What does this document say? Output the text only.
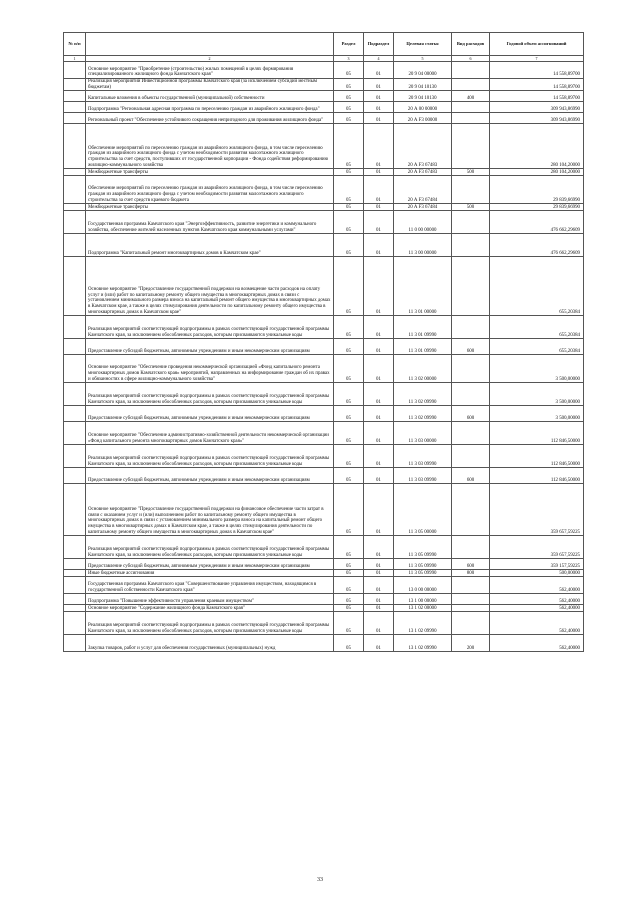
№ п/п		Раздел	Подраздел	Целевая статья	Вид расходов	Годовой объем ассигнований
1	2	3	4	5	6	7
	Основное мероприятие "Приобретение (строительство) жилых помещений в целях формирования специализированного жилищного фонда Камчатского края"	05	01	20 9 04 00000		14 558,89700
	Реализация мероприятий Инвестиционной программы Камчатского края (за исключением субсидий местным бюджетам)	05	01	20 9 04 10130		14 558,89700
	Капитальные вложения в объекты государственной (муниципальной) собственности	05	01	20 9 04 10130	400	14 558,89700
	Подпрограмма "Региональная адресная программа по переселению граждан из аварийного жилищного фонда"	05	01	20 А 00 00000		309 943,86990
	Региональный проект "Обеспечение устойчивого сокращения непригодного для проживания жилищного фонда"	05	01	20 А F3 00000		309 943,86990
	Обеспечение мероприятий по переселению граждан из аварийного жилищного фонда, в том числе переселению граждан из аварийного жилищного фонда с учетом необходимости развития малоэтажного жилищного строительства за счет средств, поступивших от государственной корпорации - Фонда содействия реформированию жилищно-коммунального хозяйства	05	01	20 А F3 67483		280 104,20000
	Межбюджетные трансферты	05	01	20 А F3 67483	500	280 104,20000
	Обеспечение мероприятий по переселению граждан из аварийного жилищного фонда, в том числе переселению граждан из аварийного жилищного фонда с учетом необходимости развития малоэтажного жилищного строительства за счет средств краевого бюджета	05	01	20 А F3 67484		29 839,66990
	Межбюджетные трансферты	05	01	20 А F3 67484	500	29 839,66990
	Государственная программа Камчатского края "Энергоэффективность, развитие энергетики и коммунального хозяйства, обеспечение жителей населенных пунктов Камчатского края коммунальными услугами"	05	01	11 0 00 00000		476 662,29609
	Подпрограмма "Капитальный ремонт многоквартирных домов в Камчатском крае"	05	01	11 3 00 00000		476 662,29609
	Основное мероприятие "Предоставление государственной поддержки на возмещение части расходов на оплату услуг и (или) работ по капитальному ремонту общего имущества в многоквартирных домах в связи с установлением минимального размера взноса на капитальный ремонт общего имущества в многоквартирных домах в Камчатском крае, а также в целях стимулирования деятельности по капитальному ремонту общего имущества в многоквартирных домах в Камчатском крае"	05	01	11 3 01 00000		655,20384
	Реализация мероприятий соответствующей подпрограммы в рамках соответствующей государственной программы Камчатского края, за исключением обособленных расходов, которым присваиваются уникальные коды	05	01	11 3 01 09990		655,20384
	Предоставление субсидий бюджетным, автономным учреждениям и иным некоммерческим организациям	05	01	11 3 01 09990	600	655,20384
	Основное мероприятие "Обеспечение проведения некоммерческой организацией «Фонд капитального ремонта многоквартирных домов Камчатского края» мероприятий, направленных на информирование граждан об их правах и обязанностях в сфере жилищно-коммунального хозяйства"	05	01	11 3 02 00000		3 500,00000
	Реализация мероприятий соответствующей подпрограммы в рамках соответствующей государственной программы Камчатского края, за исключением обособленных расходов, которым присваиваются уникальные коды	05	01	11 3 02 09990		3 500,00000
	Предоставление субсидий бюджетным, автономным учреждениям и иным некоммерческим организациям	05	01	11 3 02 09990	600	3 500,00000
	Основное мероприятие "Обеспечение административно-хозяйственной деятельности некоммерческой организации «Фонд капитального ремонта многоквартирных домов Камчатского края»"	05	01	11 3 03 00000		112 846,50000
	Реализация мероприятий соответствующей подпрограммы в рамках соответствующей государственной программы Камчатского края, за исключением обособленных расходов, которым присваиваются уникальные коды	05	01	11 3 03 09990		112 846,50000
	Предоставление субсидий бюджетным, автономным учреждениям и иным некоммерческим организациям	05	01	11 3 03 09990	600	112 846,50000
	Основное мероприятие "Предоставление государственной поддержки на финансовое обеспечение части затрат в связи с оказанием услуг и (или) выполнением работ по капитальному ремонту общего имущества в многоквартирных домах в связи с установлением минимального размера взноса на капитальный ремонт общего имущества в многоквартирных домах в Камчатском крае, а также в целях стимулирования деятельности по капитальному ремонту общего имущества в многоквартирных домах в Камчатском крае"	05	01	11 3 05 00000		359 657,59225
	Реализация мероприятий соответствующей подпрограммы в рамках соответствующей государственной программы Камчатского края, за исключением обособленных расходов, которым присваиваются уникальные коды	05	01	11 3 05 09990		359 657,59225
	Предоставление субсидий бюджетным, автономным учреждениям и иным некоммерческим организациям	05	01	11 3 05 09990	600	359 157,59225
	Иные бюджетные ассигнования	05	01	11 3 05 09990	800	500,00000
	Государственная программа Камчатского края "Совершенствование управления имуществом, находящимся в государственной собственности Камчатского края"	05	01	13 0 00 00000		562,40000
	Подпрограмма "Повышение эффективности управления краевым имуществом"	05	01	13 1 00 00000		562,40000
	Основное мероприятие "Содержание жилищного фонда Камчатского края"	05	01	13 1 02 00000		562,40000
	Реализация мероприятий соответствующей подпрограммы в рамках соответствующей государственной программы Камчатского края, за исключением обособленных расходов, которым присваиваются уникальные коды	05	01	13 1 02 09990		562,40000
	Закупка товаров, работ и услуг для обеспечения государственных (муниципальных) нужд	05	01	13 1 02 09990	200	562,40000
33
